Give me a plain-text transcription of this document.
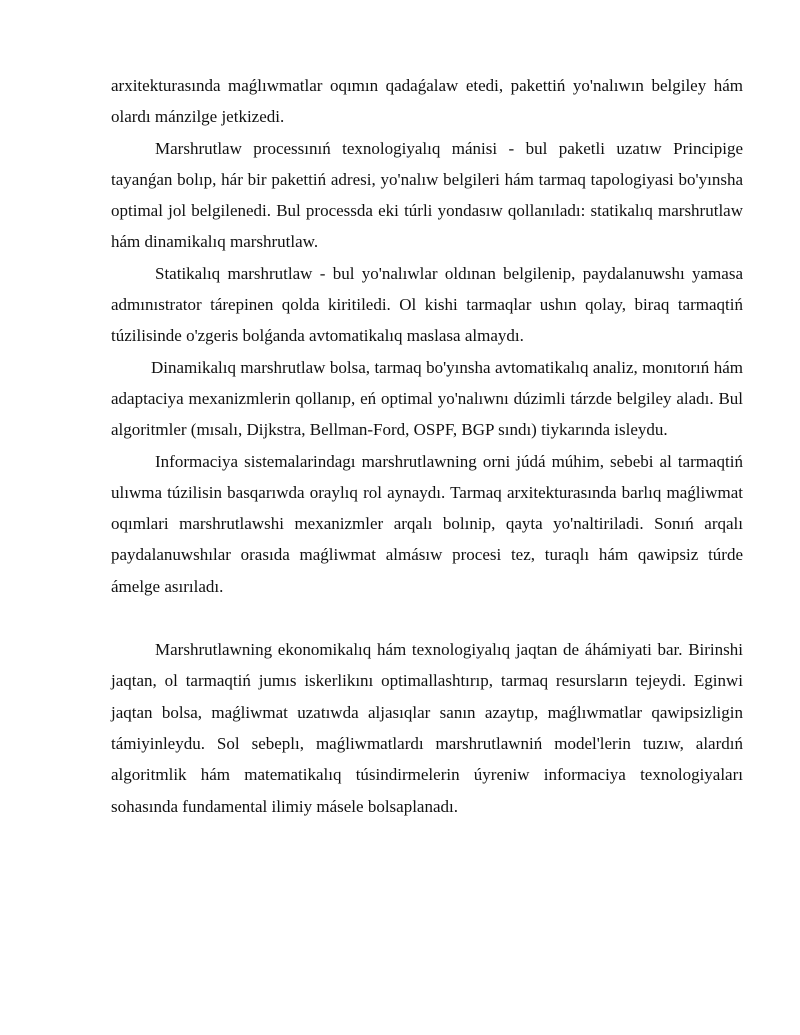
arxitekturasında maǵlıwmatlar oqımın qadaǵalaw etedi, pakettiń yo'nalıwın belgiley hám olardı mánzilge jetkizedi.

Marshrutlaw processınıń texnologiyalıq mánisi - bul paketli uzatıw Principige tayanǵan bolıp, hár bir pakettiń adresi, yo'nalıw belgileri hám tarmaq tapologiyasi bo'yınsha optimal jol belgilenedi. Bul processda eki túrli yondasıw qollanıladı: statikalıq marshrutlaw hám dinamikalıq marshrutlaw.

Statikalıq marshrutlaw - bul yo'nalıwlar oldınan belgilenip, paydalanuwshı yamasa admınıstrator tárepinen qolda kiritiledi. Ol kishi tarmaqlar ushın qolay, biraq tarmaqtiń túzilisinde o'zgeris bolǵanda avtomatikalıq maslasa almaydı.

Dinamikalıq marshrutlaw bolsa, tarmaq bo'yınsha avtomatikalıq analiz, monıtorıń hám adaptaciya mexanizmlerin qollanıp, eń optimal yo'nalıwnı dúzimli tárzde belgiley aladı. Bul algoritmler (mısalı, Dijkstra, Bellman-Ford, OSPF, BGP sındı) tiykarında isleydu.

Informaciya sistemalarindagı marshrutlawning orni júdá múhim, sebebi al tarmaqtiń ulıwma túzilisin basqarıwda oraylıq rol aynaydı. Tarmaq arxitekturasında barlıq maǵliwmat oqımlari marshrutlawshi mexanizmler arqalı bolınip, qayta yo'naltiriladi. Sonıń arqalı paydalanuwshılar orasıda maǵliwmat almásıw procesi tez, turaqlı hám qawipsiz túrde ámelge asırıladı.

Marshrutlawning ekonomikalıq hám texnologiyalıq jaqtan de áhámiyati bar. Birinshi jaqtan, ol tarmaqtiń jumıs iskerlikını optimallashtırıp, tarmaq resursların tejeydi. Eginwi jaqtan bolsa, maǵliwmat uzatıwda aljasıqlar sanın azaytıp, maǵlıwmatlar qawipsizligin támiyinleydu. Sol sebeplı, maǵliwmatlardı marshrutlawniń model'lerin tuzıw, alardıń algoritmlik hám matematikalıq túsindirmelerin úyreniw informaciya texnologiyaları sohasında fundamental ilimiy másele bolsaplanadı.
